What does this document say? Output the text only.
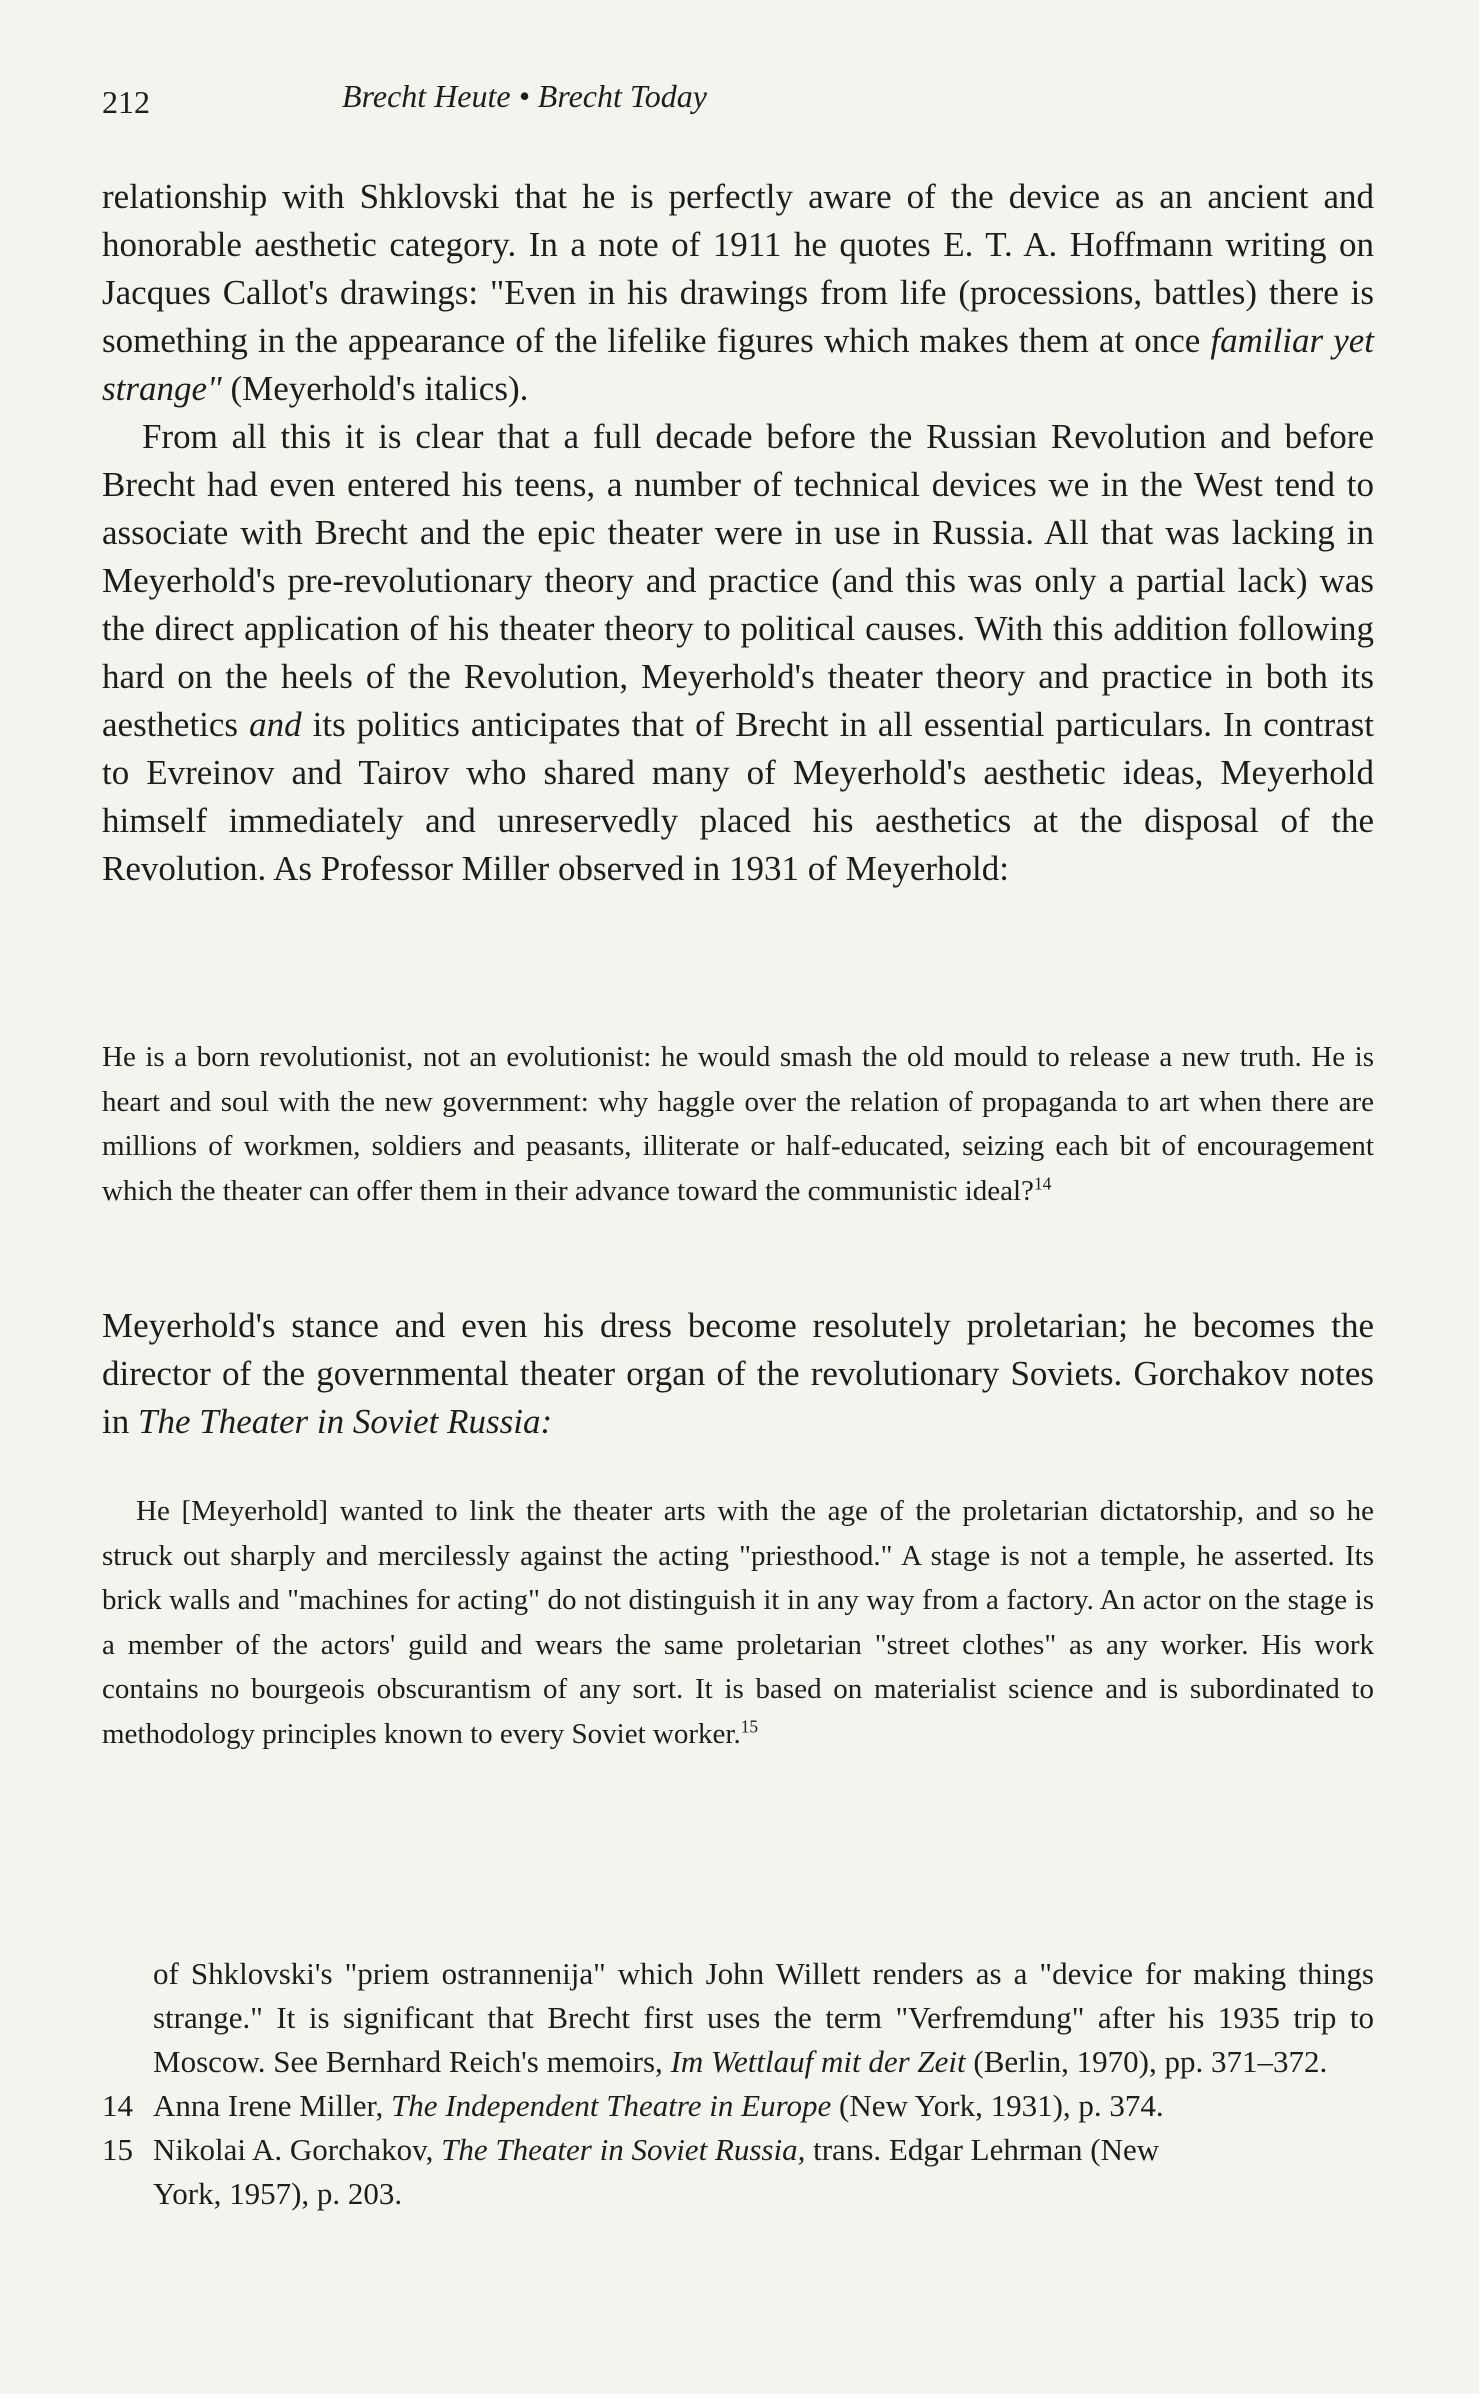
212	Brecht Heute • Brecht Today

relationship with Shklovski that he is perfectly aware of the device as an ancient and honorable aesthetic category. In a note of 1911 he quotes E. T. A. Hoffmann writing on Jacques Callot's drawings: "Even in his drawings from life (processions, battles) there is something in the appearance of the lifelike figures which makes them at once familiar yet strange" (Meyerhold's italics).

From all this it is clear that a full decade before the Russian Revolution and before Brecht had even entered his teens, a number of technical devices we in the West tend to associate with Brecht and the epic theater were in use in Russia. All that was lacking in Meyerhold's pre-revolutionary theory and practice (and this was only a partial lack) was the direct application of his theater theory to political causes. With this addition following hard on the heels of the Revolution, Meyerhold's theater theory and practice in both its aesthetics and its politics anticipates that of Brecht in all essential particulars. In contrast to Evreinov and Tairov who shared many of Meyerhold's aesthetic ideas, Meyerhold himself immediately and unreservedly placed his aesthetics at the disposal of the Revolution. As Professor Miller observed in 1931 of Meyerhold:

He is a born revolutionist, not an evolutionist: he would smash the old mould to release a new truth. He is heart and soul with the new government: why haggle over the relation of propaganda to art when there are millions of workmen, soldiers and peasants, illiterate or half-educated, seizing each bit of encouragement which the theater can offer them in their advance toward the communistic ideal?$^{14}$
Meyerhold's stance and even his dress become resolutely proletarian; he becomes the director of the governmental theater organ of the revolutionary Soviets. Gorchakov notes in The Theater in Soviet Russia:
He [Meyerhold] wanted to link the theater arts with the age of the proletarian dictatorship, and so he struck out sharply and mercilessly against the acting "priesthood." A stage is not a temple, he asserted. Its brick walls and "machines for acting" do not distinguish it in any way from a factory. An actor on the stage is a member of the actors' guild and wears the same proletarian "street clothes" as any worker. His work contains no bourgeois obscurantism of any sort. It is based on materialist science and is subordinated to methodology principles known to every Soviet worker.$^{15}$
of Shklovski's "priem ostrannenija" which John Willett renders as a "device for making things strange." It is significant that Brecht first uses the term "Verfremdung" after his 1935 trip to Moscow. See Bernhard Reich's memoirs, Im Wettlauf mit der Zeit (Berlin, 1970), pp. 371–372.
14 Anna Irene Miller, The Independent Theatre in Europe (New York, 1931), p. 374.
15 Nikolai A. Gorchakov, The Theater in Soviet Russia, trans. Edgar Lehrman (New
York, 1957), p. 203.
